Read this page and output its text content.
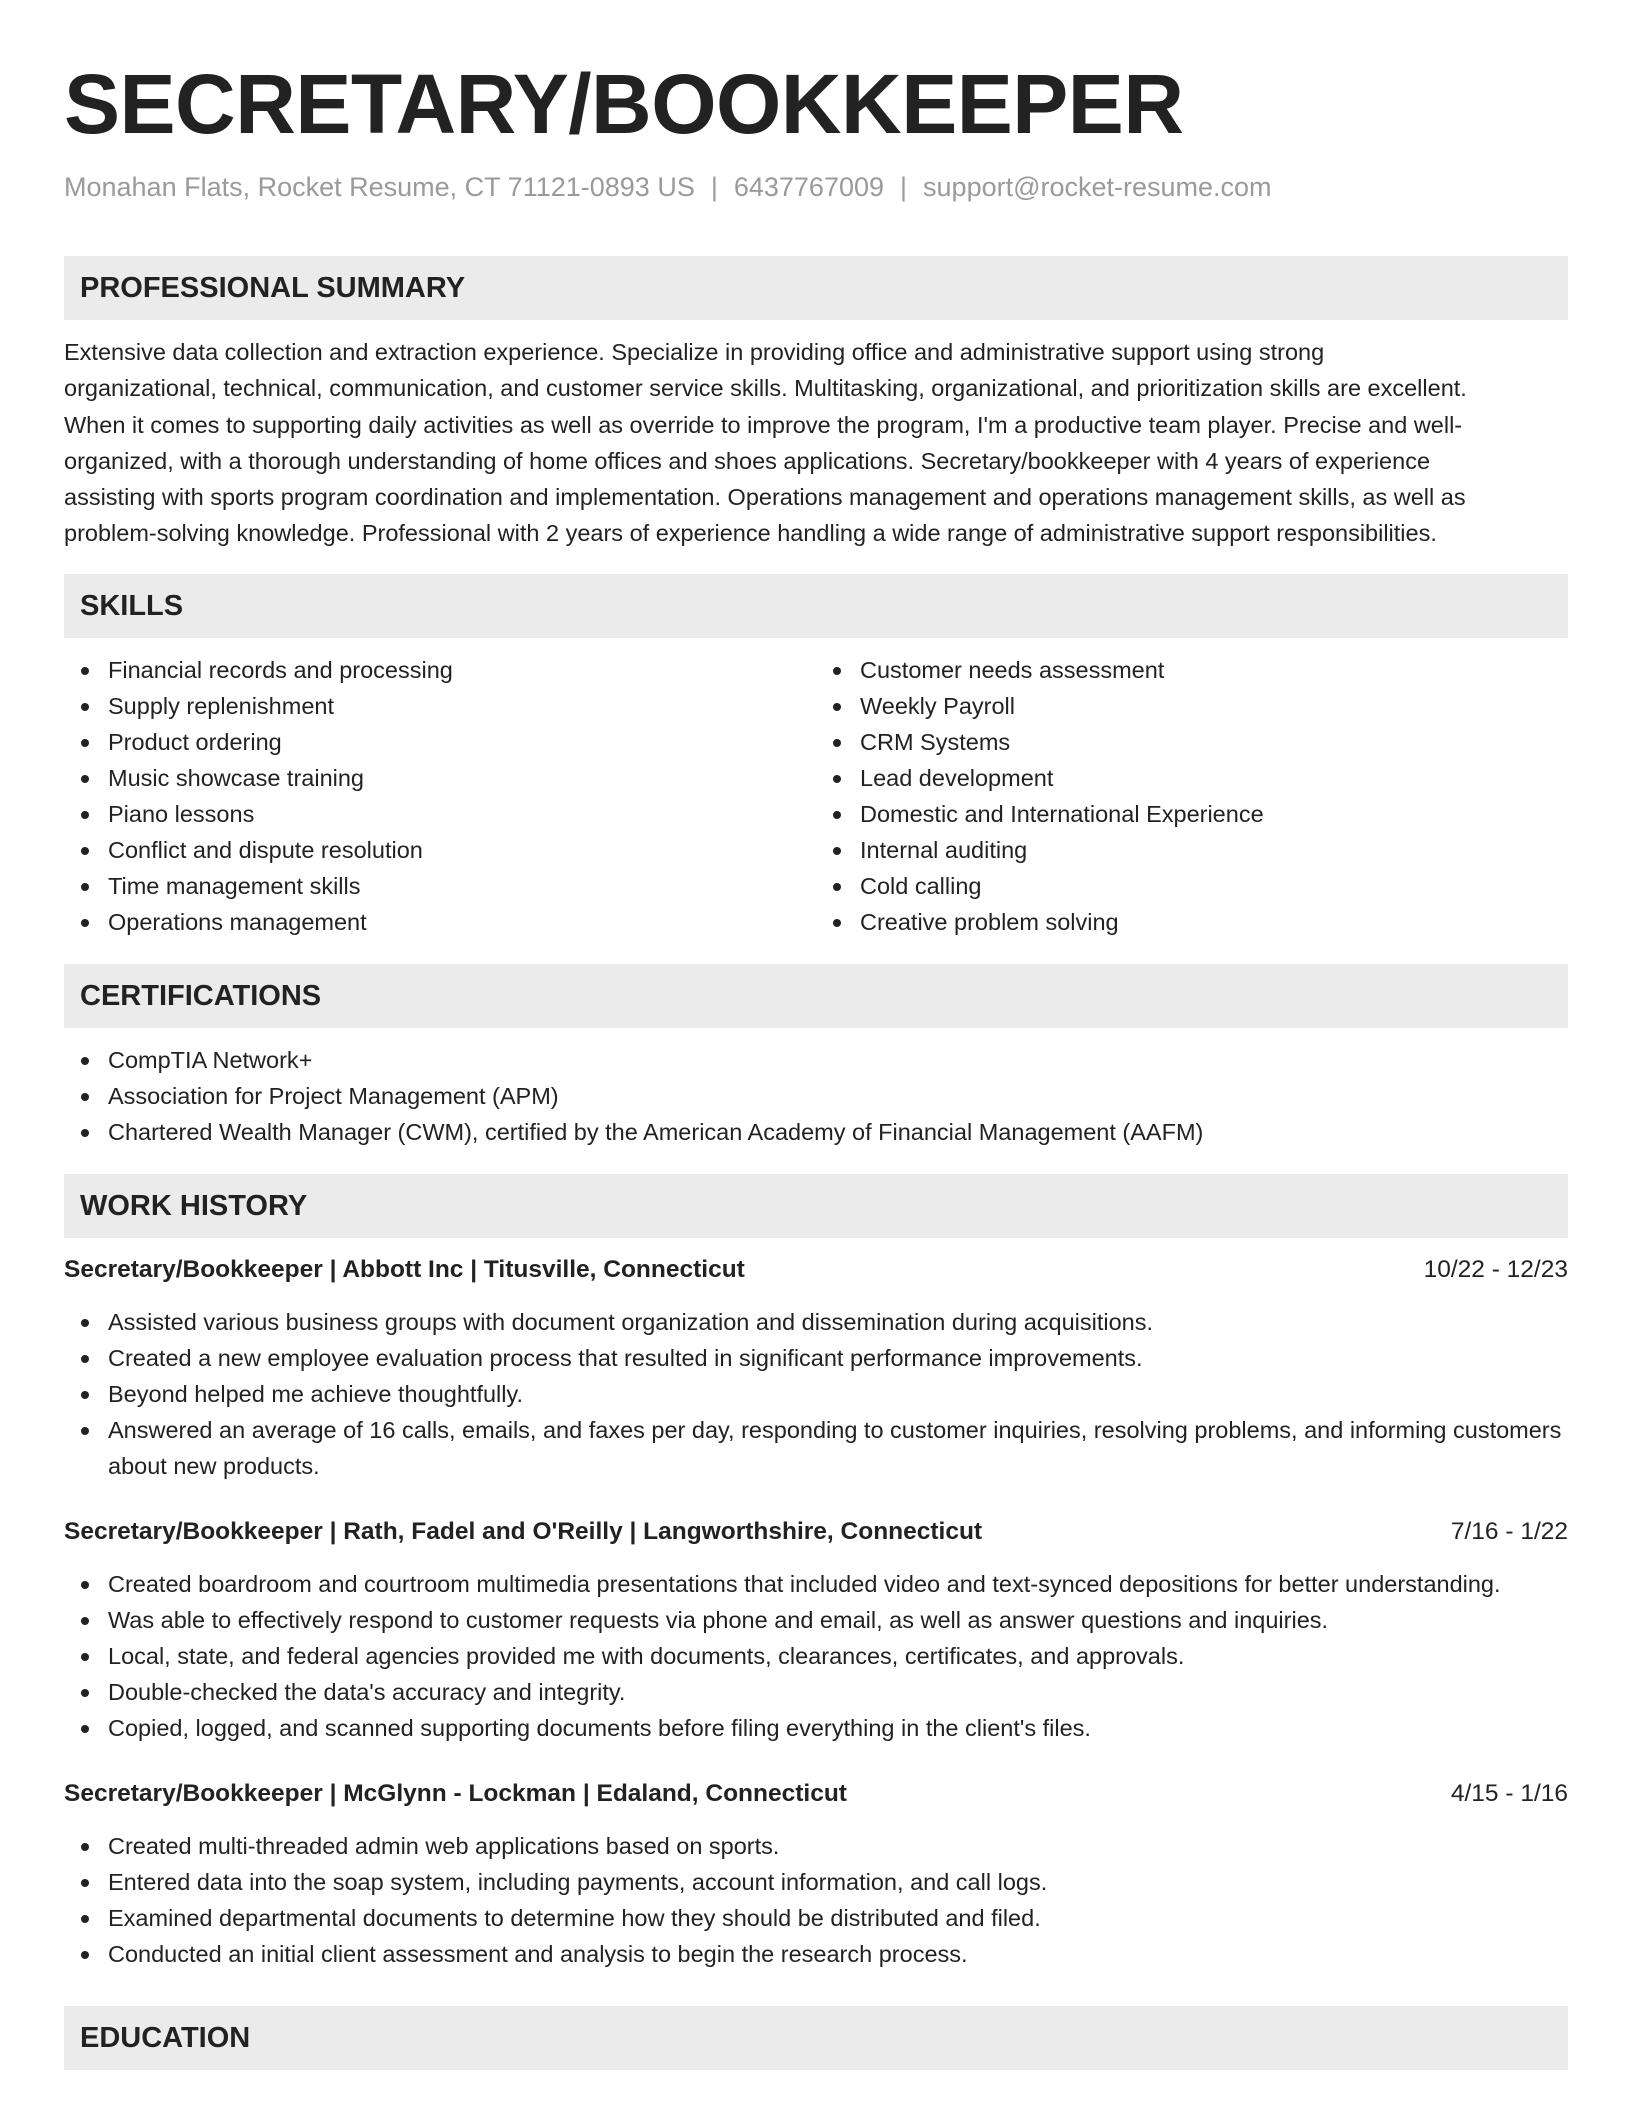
SECRETARY/BOOKKEEPER
Monahan Flats, Rocket Resume, CT 71121-0893 US | 6437767009 | support@rocket-resume.com
PROFESSIONAL SUMMARY

Extensive data collection and extraction experience. Specialize in providing office and administrative support using strong
organizational, technical, communication, and customer service skills. Multitasking, organizational, and prioritization skills are excellent.
When it comes to supporting daily activities as well as override to improve the program, I'm a productive team player. Precise and well-
organized, with a thorough understanding of home offices and shoes applications. Secretary/bookkeeper with 4 years of experience
assisting with sports program coordination and implementation. Operations management and operations management skills, as well as
problem-solving knowledge. Professional with 2 years of experience handling a wide range of administrative support responsibilities.

SKILLS
Financial records and processing
Supply replenishment
Product ordering
Music showcase training
Piano lessons
Conflict and dispute resolution
Time management skills
Operations management
Customer needs assessment
Weekly Payroll
CRM Systems
Lead development
Domestic and International Experience
Internal auditing
Cold calling
Creative problem solving
CERTIFICATIONS
CompTIA Network+
Association for Project Management (APM)
Chartered Wealth Manager (CWM), certified by the American Academy of Financial Management (AAFM)
WORK HISTORY
Secretary/Bookkeeper | Abbott Inc | Titusville, Connecticut	10/22 - 12/23
Assisted various business groups with document organization and dissemination during acquisitions.
Created a new employee evaluation process that resulted in significant performance improvements.
Beyond helped me achieve thoughtfully.
Answered an average of 16 calls, emails, and faxes per day, responding to customer inquiries, resolving problems, and informing customers about new products.
Secretary/Bookkeeper | Rath, Fadel and O'Reilly | Langworthshire, Connecticut	7/16 - 1/22
Created boardroom and courtroom multimedia presentations that included video and text-synced depositions for better understanding.
Was able to effectively respond to customer requests via phone and email, as well as answer questions and inquiries.
Local, state, and federal agencies provided me with documents, clearances, certificates, and approvals.
Double-checked the data's accuracy and integrity.
Copied, logged, and scanned supporting documents before filing everything in the client's files.
Secretary/Bookkeeper | McGlynn - Lockman | Edaland, Connecticut	4/15 - 1/16
Created multi-threaded admin web applications based on sports.
Entered data into the soap system, including payments, account information, and call logs.
Examined departmental documents to determine how they should be distributed and filed.
Conducted an initial client assessment and analysis to begin the research process.
EDUCATION
